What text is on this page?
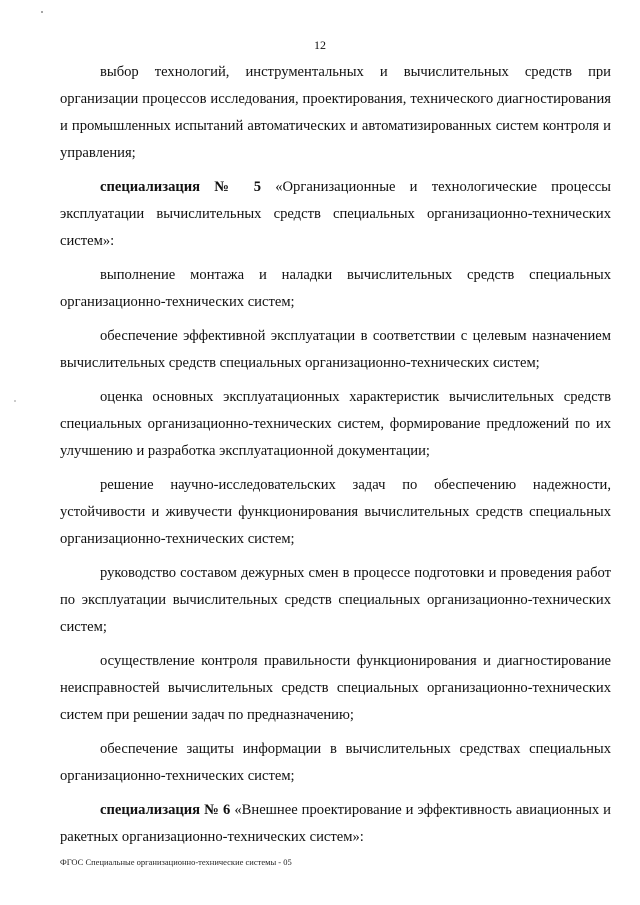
12

выбор технологий, инструментальных и вычислительных средств при организации процессов исследования, проектирования, технического диагностирования и промышленных испытаний автоматических и автоматизированных систем контроля и управления;

специализация № 5 «Организационные и технологические процессы эксплуатации вычислительных средств специальных организационно-технических систем»:

выполнение монтажа и наладки вычислительных средств специальных организационно-технических систем;

обеспечение эффективной эксплуатации в соответствии с целевым назначением вычислительных средств специальных организационно-технических систем;

оценка основных эксплуатационных характеристик вычислительных средств специальных организационно-технических систем, формирование предложений по их улучшению и разработка эксплуатационной документации;

решение научно-исследовательских задач по обеспечению надежности, устойчивости и живучести функционирования вычислительных средств специальных организационно-технических систем;

руководство составом дежурных смен в процессе подготовки и проведения работ по эксплуатации вычислительных средств специальных организационно-технических систем;

осуществление контроля правильности функционирования и диагностирование неисправностей вычислительных средств специальных организационно-технических систем при решении задач по предназначению;

обеспечение защиты информации в вычислительных средствах специальных организационно-технических систем;

специализация № 6 «Внешнее проектирование и эффективность авиационных и ракетных организационно-технических систем»:

ФГОС Специальные организационно-технические системы - 05
